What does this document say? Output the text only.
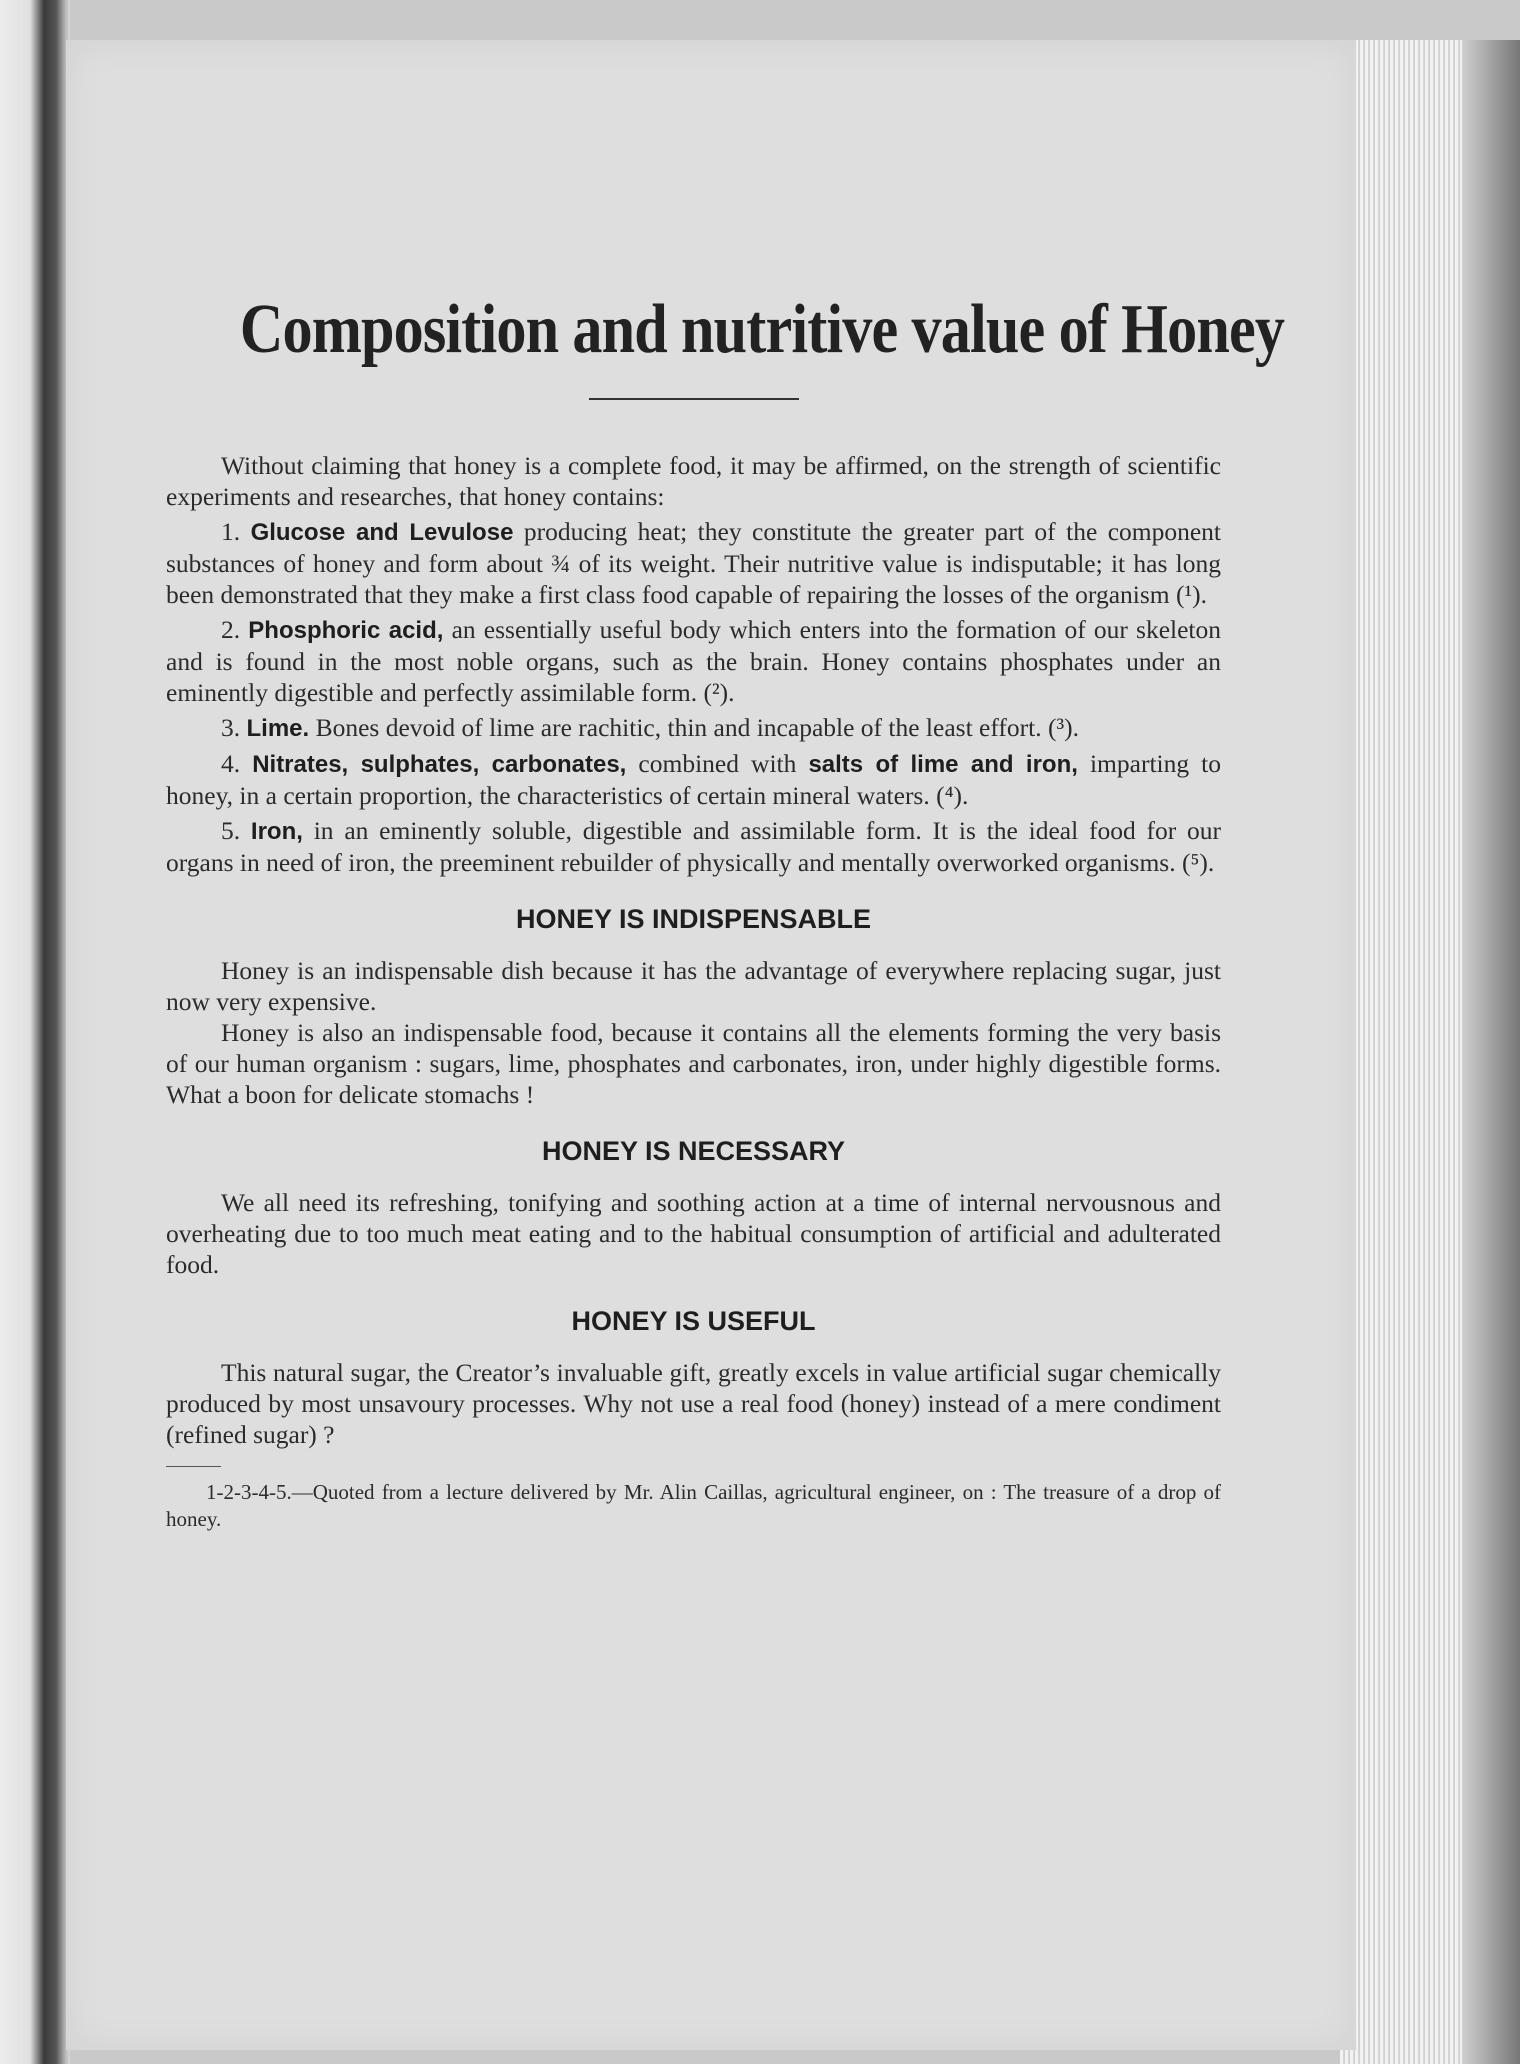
Composition and nutritive value of Honey

Without claiming that honey is a complete food, it may be affirmed, on the strength of scientific experiments and researches, that honey contains:

1. Glucose and Levulose producing heat; they constitute the greater part of the component substances of honey and form about ¾ of its weight. Their nutritive value is indisputable; it has long been demonstrated that they make a first class food capable of repairing the losses of the organism (¹).

2. Phosphoric acid, an essentially useful body which enters into the formation of our skeleton and is found in the most noble organs, such as the brain. Honey contains phosphates under an eminently digestible and perfectly assimilable form. (²).

3. Lime. Bones devoid of lime are rachitic, thin and incapable of the least effort. (³).

4. Nitrates, sulphates, carbonates, combined with salts of lime and iron, imparting to honey, in a certain proportion, the characteristics of certain mineral waters. (⁴).

5. Iron, in an eminently soluble, digestible and assimilable form. It is the ideal food for our organs in need of iron, the preeminent rebuilder of physically and mentally overworked organisms. (⁵).

HONEY IS INDISPENSABLE

Honey is an indispensable dish because it has the advantage of everywhere replacing sugar, just now very expensive.

Honey is also an indispensable food, because it contains all the elements forming the very basis of our human organism : sugars, lime, phosphates and carbonates, iron, under highly digestible forms. What a boon for delicate stomachs !

HONEY IS NECESSARY

We all need its refreshing, tonifying and soothing action at a time of internal nervousnous and overheating due to too much meat eating and to the habitual consumption of artificial and adulterated food.

HONEY IS USEFUL

This natural sugar, the Creator’s invaluable gift, greatly excels in value artificial sugar chemically produced by most unsavoury processes. Why not use a real food (honey) instead of a mere condiment (refined sugar) ?

1-2-3-4-5.—Quoted from a lecture delivered by Mr. Alin Caillas, agricultural engineer, on : The treasure of a drop of honey.
